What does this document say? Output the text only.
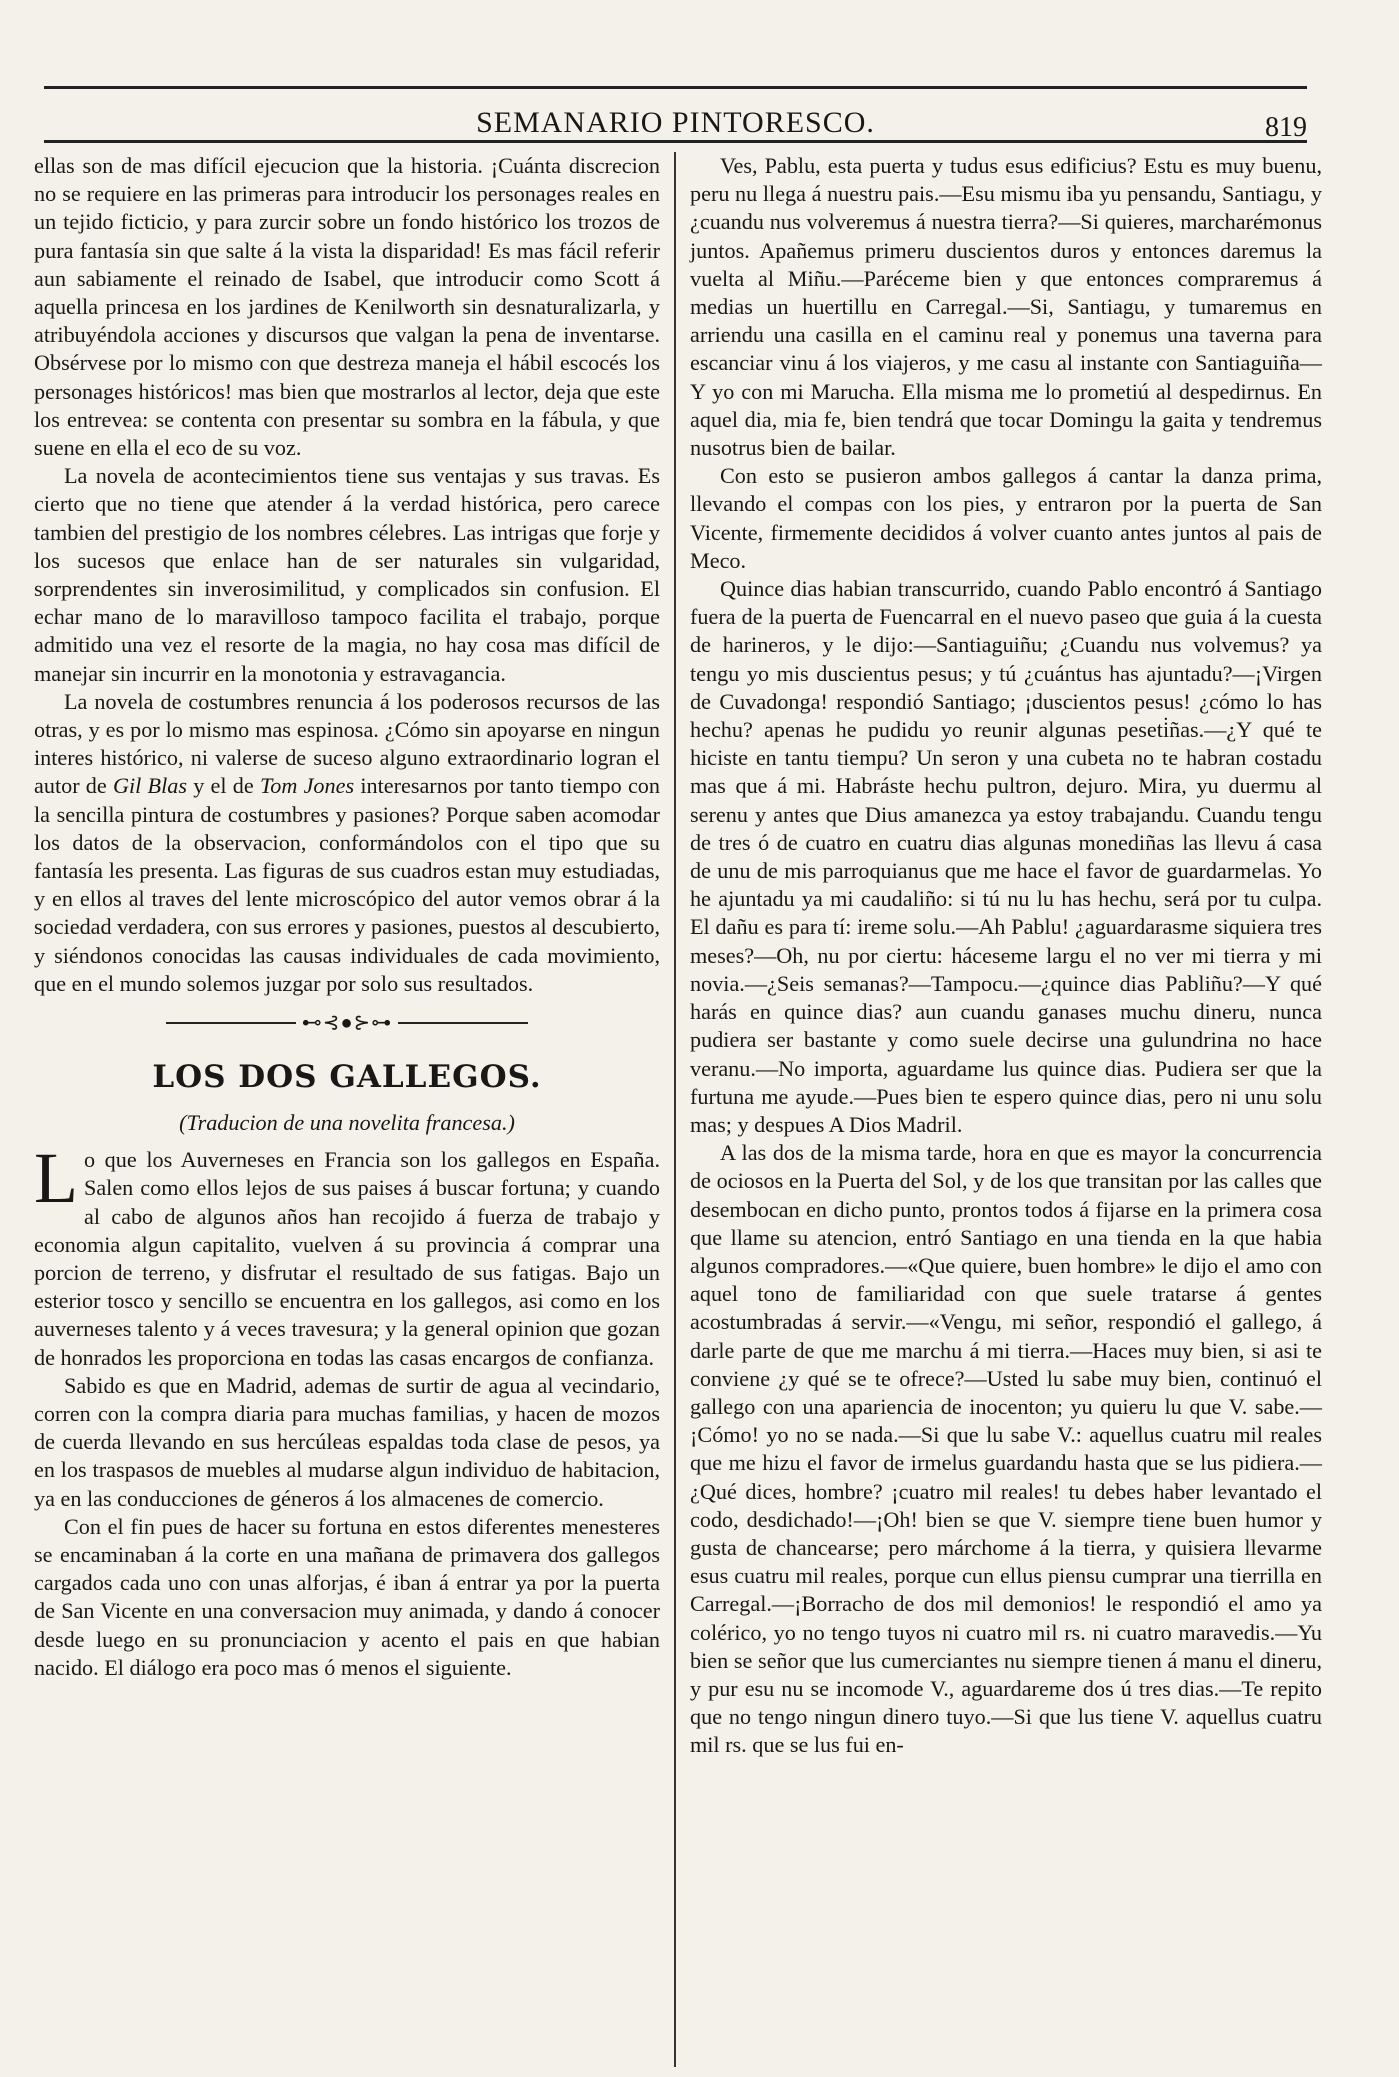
SEMANARIO PINTORESCO.	819

ellas son de mas difícil ejecucion que la historia. ¡Cuánta discrecion no se requiere en las primeras para introducir los personages reales en un tejido ficticio, y para zurcir sobre un fondo histórico los trozos de pura fantasía sin que salte á la vista la disparidad! Es mas fácil referir aun sabiamente el reinado de Isabel, que introducir como Scott á aquella princesa en los jardines de Kenilworth sin desnaturalizarla, y atribuyéndola acciones y discursos que valgan la pena de inventarse. Obsérvese por lo mismo con que destreza maneja el hábil escocés los personages históricos! mas bien que mostrarlos al lector, deja que este los entrevea: se contenta con presentar su sombra en la fábula, y que suene en ella el eco de su voz.

La novela de acontecimientos tiene sus ventajas y sus travas. Es cierto que no tiene que atender á la verdad histórica, pero carece tambien del prestigio de los nombres célebres. Las intrigas que forje y los sucesos que enlace han de ser naturales sin vulgaridad, sorprendentes sin inverosimilitud, y complicados sin confusion. El echar mano de lo maravilloso tampoco facilita el trabajo, porque admitido una vez el resorte de la magia, no hay cosa mas difícil de manejar sin incurrir en la monotonia y estravagancia.

La novela de costumbres renuncia á los poderosos recursos de las otras, y es por lo mismo mas espinosa. ¿Cómo sin apoyarse en ningun interes histórico, ni valerse de suceso alguno extraordinario logran el autor de Gil Blas y el de Tom Jones interesarnos por tanto tiempo con la sencilla pintura de costumbres y pasiones? Porque saben acomodar los datos de la observacion, conformándolos con el tipo que su fantasía les presenta. Las figuras de sus cuadros estan muy estudiadas, y en ellos al traves del lente microscópico del autor vemos obrar á la sociedad verdadera, con sus errores y pasiones, puestos al descubierto, y siéndonos conocidas las causas individuales de cada movimiento, que en el mundo solemos juzgar por solo sus resultados.

⊷⊰●⊱⊶
LOS DOS GALLEGOS.
(Traducion de una novelita francesa.)

Lo que los Auverneses en Francia son los gallegos en España. Salen como ellos lejos de sus paises á buscar fortuna; y cuando al cabo de algunos años han recojido á fuerza de trabajo y economia algun capitalito, vuelven á su provincia á comprar una porcion de terreno, y disfrutar el resultado de sus fatigas. Bajo un esterior tosco y sencillo se encuentra en los gallegos, asi como en los auverneses talento y á veces travesura; y la general opinion que gozan de honrados les proporciona en todas las casas encargos de confianza.

Sabido es que en Madrid, ademas de surtir de agua al vecindario, corren con la compra diaria para muchas familias, y hacen de mozos de cuerda llevando en sus hercúleas espaldas toda clase de pesos, ya en los traspasos de muebles al mudarse algun individuo de habitacion, ya en las conducciones de géneros á los almacenes de comercio.

Con el fin pues de hacer su fortuna en estos diferentes menesteres se encaminaban á la corte en una mañana de primavera dos gallegos cargados cada uno con unas alforjas, é iban á entrar ya por la puerta de San Vicente en una conversacion muy animada, y dando á conocer desde luego en su pronunciacion y acento el pais en que habian nacido. El diálogo era poco mas ó menos el siguiente.

Ves, Pablu, esta puerta y tudus esus edificius? Estu es muy buenu, peru nu llega á nuestru pais.—Esu mismu iba yu pensandu, Santiagu, y ¿cuandu nus volveremus á nuestra tierra?—Si quieres, marcharémonus juntos. Apañemus primeru duscientos duros y entonces daremus la vuelta al Miñu.—Paréceme bien y que entonces compraremus á medias un huertillu en Carregal.—Si, Santiagu, y tumaremus en arriendu una casilla en el caminu real y ponemus una taverna para escanciar vinu á los viajeros, y me casu al instante con Santiaguiña—Y yo con mi Marucha. Ella misma me lo prometiú al despedirnus. En aquel dia, mia fe, bien tendrá que tocar Domingu la gaita y tendremus nusotrus bien de bailar.

Con esto se pusieron ambos gallegos á cantar la danza prima, llevando el compas con los pies, y entraron por la puerta de San Vicente, firmemente decididos á volver cuanto antes juntos al pais de Meco.

Quince dias habian transcurrido, cuando Pablo encontró á Santiago fuera de la puerta de Fuencarral en el nuevo paseo que guia á la cuesta de harineros, y le dijo:—Santiaguiñu; ¿Cuandu nus volvemus? ya tengu yo mis duscientus pesus; y tú ¿cuántus has ajuntadu?—¡Virgen de Cuvadonga! respondió Santiago; ¡duscientos pesus! ¿cómo lo has hechu? apenas he pudidu yo reunir algunas peseti̇ñas.—¿Y qué te hiciste en tantu tiempu? Un seron y una cubeta no te habran costadu mas que á mi. Habráste hechu pultron, dejuro. Mira, yu duermu al serenu y antes que Dius amanezca ya estoy trabajandu. Cuandu tengu de tres ó de cuatro en cuatru dias algunas monediñas las llevu á casa de unu de mis parroquianus que me hace el favor de guardarmelas. Yo he ajuntadu ya mi caudaliño: si tú nu lu has hechu, será por tu culpa. El dañu es para tí: ireme solu.—Ah Pablu! ¿aguardarasme siquiera tres meses?—Oh, nu por ciertu: háceseme largu el no ver mi tierra y mi novia.—¿Seis semanas?—Tampocu.—¿quince dias Pabliñu?—Y qué harás en quince dias? aun cuandu ganases muchu dineru, nunca pudiera ser bastante y como suele decirse una gulundrina no hace veranu.—No importa, aguardame lus quince dias. Pudiera ser que la furtuna me ayude.—Pues bien te espero quince dias, pero ni unu solu mas; y despues A Dios Madril.

A las dos de la misma tarde, hora en que es mayor la concurrencia de ociosos en la Puerta del Sol, y de los que transitan por las calles que desembocan en dicho punto, prontos todos á fijarse en la primera cosa que llame su atencion, entró Santiago en una tienda en la que habia algunos compradores.—«Que quiere, buen hombre» le dijo el amo con aquel tono de familiaridad con que suele tratarse á gentes acostumbradas á servir.—«Vengu, mi señor, respondió el gallego, á darle parte de que me marchu á mi tierra.—Haces muy bien, si asi te conviene ¿y qué se te ofrece?—Usted lu sabe muy bien, continuó el gallego con una apariencia de inocenton; yu quieru lu que V. sabe.—¡Cómo! yo no se nada.—Si que lu sabe V.: aquellus cuatru mil reales que me hizu el favor de irmelus guardandu hasta que se lus pidiera.—¿Qué dices, hombre? ¡cuatro mil reales! tu debes haber levantado el codo, desdichado!—¡Oh! bien se que V. siempre tiene buen humor y gusta de chancearse; pero márchome á la tierra, y quisiera llevarme esus cuatru mil reales, porque cun ellus piensu cumprar una tierrilla en Carregal.—¡Borracho de dos mil demonios! le respondió el amo ya colérico, yo no tengo tuyos ni cuatro mil rs. ni cuatro maravedis.—Yu bien se señor que lus cumerciantes nu siempre tienen á manu el dineru, y pur esu nu se incomode V., aguardareme dos ú tres dias.—Te repito que no tengo ningun dinero tuyo.—Si que lus tiene V. aquellus cuatru mil rs. que se lus fui en-
